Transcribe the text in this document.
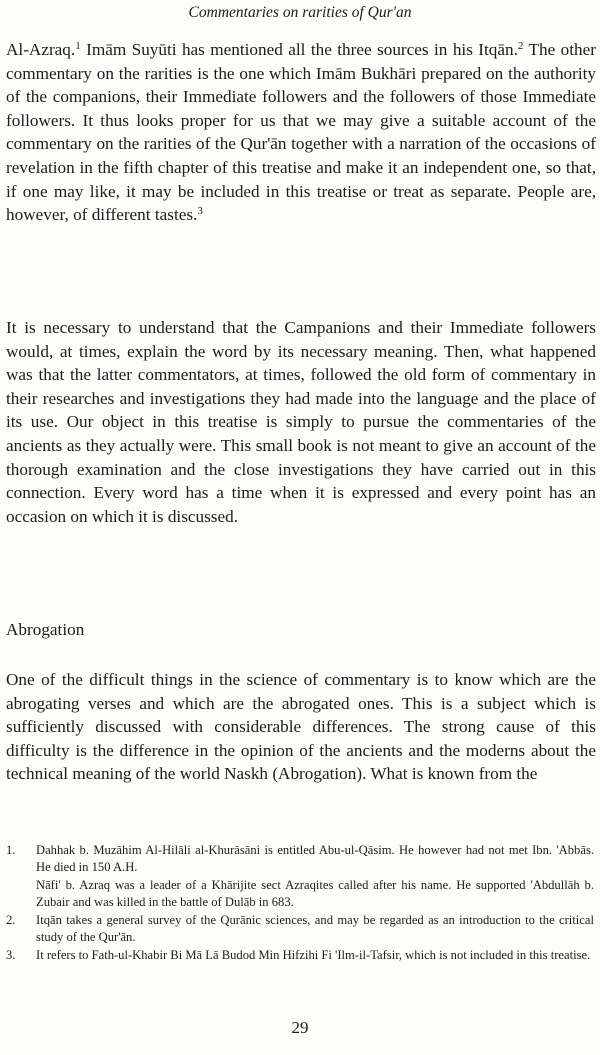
Commentaries on rarities of Qur'an

Al-Azraq.$^1$ Imām Suyūti has mentioned all the three sources in his Itqān.$^2$ The other commentary on the rarities is the one which Imām Bukhāri prepared on the authority of the companions, their Immediate followers and the followers of those Immediate followers. It thus looks proper for us that we may give a suitable account of the commentary on the rarities of the Qur'ān together with a narration of the occasions of revelation in the fifth chapter of this treatise and make it an independent one, so that, if one may like, it may be included in this treatise or treat as separate. People are, however, of different tastes.$^3$

It is necessary to understand that the Campanions and their Immediate followers would, at times, explain the word by its necessary meaning. Then, what happened was that the latter commentators, at times, followed the old form of commentary in their researches and investigations they had made into the language and the place of its use. Our object in this treatise is simply to pursue the commentaries of the ancients as they actually were. This small book is not meant to give an account of the thorough examination and the close investigations they have carried out in this connection. Every word has a time when it is expressed and every point has an occasion on which it is discussed.

Abrogation

One of the difficult things in the science of commentary is to know which are the abrogating verses and which are the abrogated ones. This is a subject which is sufficiently discussed with considerable differences. The strong cause of this difficulty is the difference in the opinion of the ancients and the moderns about the technical meaning of the world Naskh (Abrogation). What is known from the

1. Dahhak b. Muzāhim Al-Hilāli al-Khurāsāni is entitled Abu-ul-Qāsim. He however had not met Ibn. 'Abbās. He died in 150 A.H.
Nāfi' b. Azraq was a leader of a Khārijite sect Azraqites called after his name. He supported 'Abdullāh b. Zubair and was killed in the battle of Dulāb in 683.
2. Itqān takes a general survey of the Qurānic sciences, and may be regarded as an introduction to the critical study of the Qur'ān.
3. It refers to Fath-ul-Khabir Bi Mā Lā Budod Min Hifzihi Fi 'Ilm-il-Tafsir, which is not included in this treatise.
29
